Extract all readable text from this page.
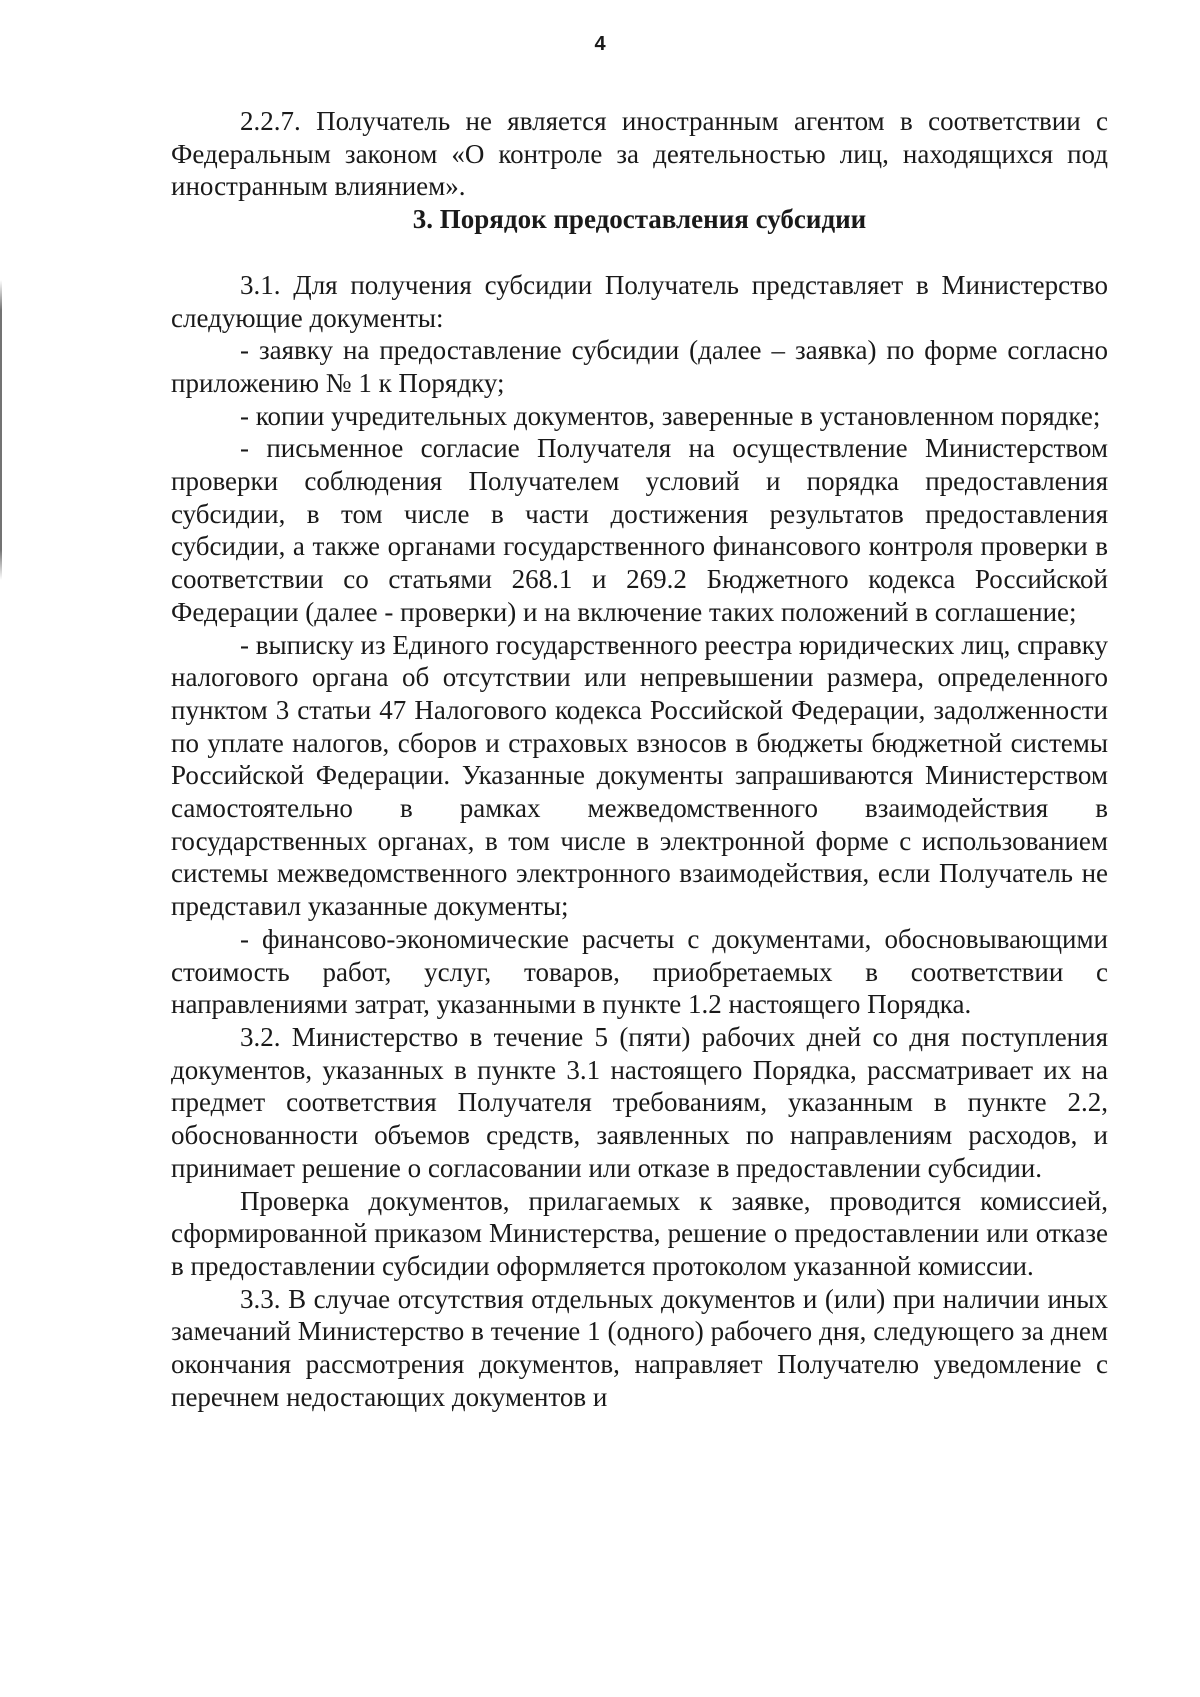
4

2.2.7. Получатель не является иностранным агентом в соответствии с Федеральным законом «О контроле за деятельностью лиц, находящихся под иностранным влиянием».

3. Порядок предоставления субсидии

3.1. Для получения субсидии Получатель представляет в Министерство следующие документы:

- заявку на предоставление субсидии (далее – заявка) по форме согласно приложению № 1 к Порядку;

- копии учредительных документов, заверенные в установленном порядке;

- письменное согласие Получателя на осуществление Министерством проверки соблюдения Получателем условий и порядка предоставления субсидии, в том числе в части достижения результатов предоставления субсидии, а также органами государственного финансового контроля проверки в соответствии со статьями 268.1 и 269.2 Бюджетного кодекса Российской Федерации (далее - проверки) и на включение таких положений в соглашение;

- выписку из Единого государственного реестра юридических лиц, справку налогового органа об отсутствии или непревышении размера, определенного пунктом 3 статьи 47 Налогового кодекса Российской Федерации, задолженности по уплате налогов, сборов и страховых взносов в бюджеты бюджетной системы Российской Федерации. Указанные документы запрашиваются Министерством самостоятельно в рамках межведомственного взаимодействия в государственных органах, в том числе в электронной форме с использованием системы межведомственного электронного взаимодействия, если Получатель не представил указанные документы;

- финансово-экономические расчеты с документами, обосновывающими стоимость работ, услуг, товаров, приобретаемых в соответствии с направлениями затрат, указанными в пункте 1.2 настоящего Порядка.

3.2. Министерство в течение 5 (пяти) рабочих дней со дня поступления документов, указанных в пункте 3.1 настоящего Порядка, рассматривает их на предмет соответствия Получателя требованиям, указанным в пункте 2.2, обоснованности объемов средств, заявленных по направлениям расходов, и принимает решение о согласовании или отказе в предоставлении субсидии.

Проверка документов, прилагаемых к заявке, проводится комиссией, сформированной приказом Министерства, решение о предоставлении или отказе в предоставлении субсидии оформляется протоколом указанной комиссии.

3.3. В случае отсутствия отдельных документов и (или) при наличии иных замечаний Министерство в течение 1 (одного) рабочего дня, следующего за днем окончания рассмотрения документов, направляет Получателю уведомление с перечнем недостающих документов и
